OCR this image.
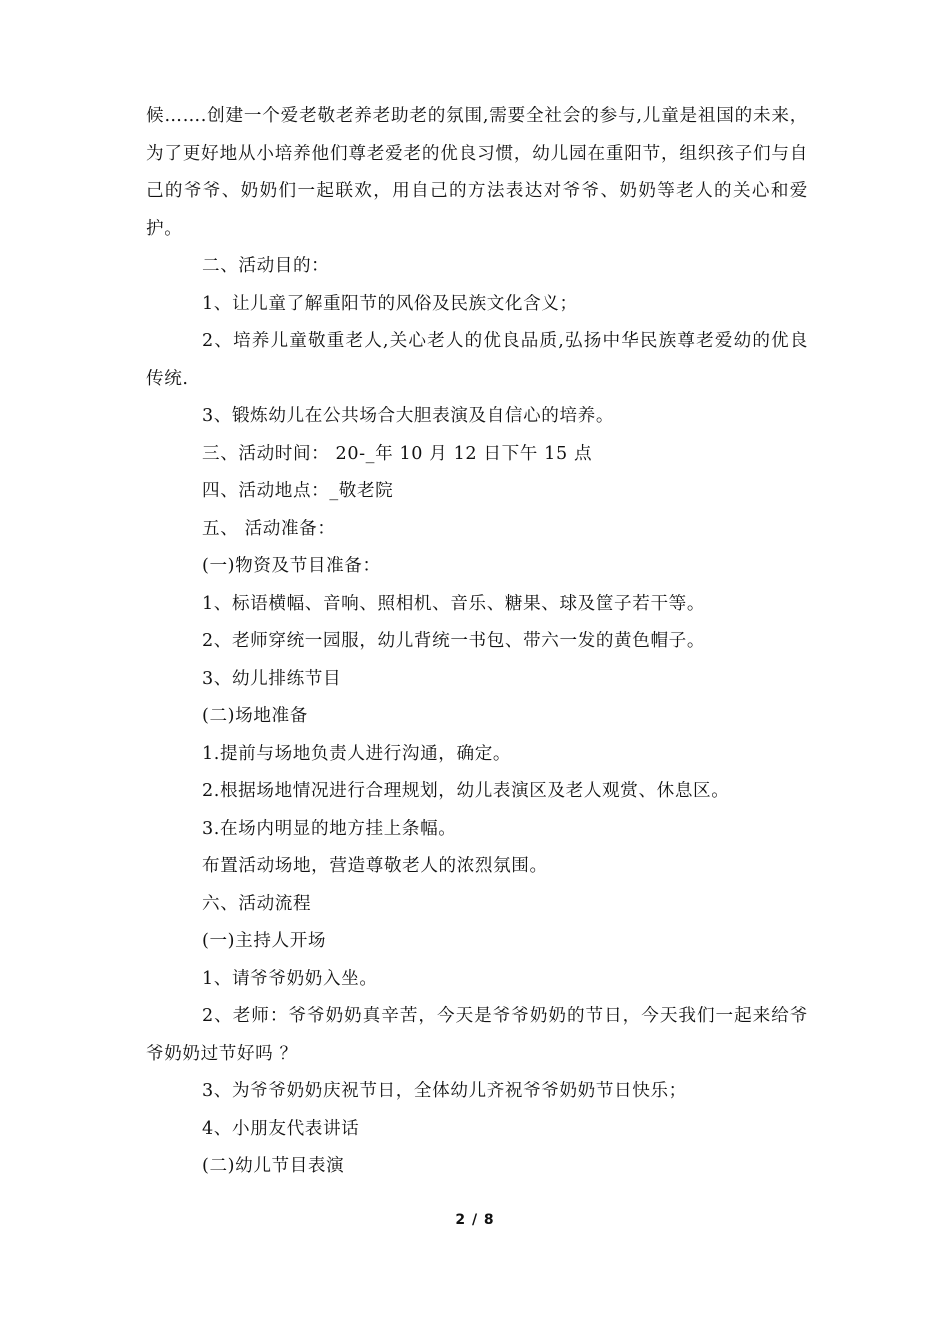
候…….创建一个爱老敬老养老助老的氛围,需要全社会的参与,儿童是祖国的未来，为了更好地从小培养他们尊老爱老的优良习惯，幼儿园在重阳节，组织孩子们与自己的爷爷、奶奶们一起联欢，用自己的方法表达对爷爷、奶奶等老人的关心和爱护。

二、活动目的：

1、让儿童了解重阳节的风俗及民族文化含义；

2、培养儿童敬重老人,关心老人的优良品质,弘扬中华民族尊老爱幼的优良传统.

3、锻炼幼儿在公共场合大胆表演及自信心的培养。

三、活动时间： 20-_年 10 月 12 日下午 15 点

四、活动地点：_敬老院

五、 活动准备：

(一)物资及节目准备：

1、标语横幅、音响、照相机、音乐、糖果、球及筐子若干等。

2、老师穿统一园服，幼儿背统一书包、带六一发的黄色帽子。

3、幼儿排练节目

(二)场地准备

1.提前与场地负责人进行沟通，确定。

2.根据场地情况进行合理规划，幼儿表演区及老人观赏、休息区。

3.在场内明显的地方挂上条幅。

布置活动场地，营造尊敬老人的浓烈氛围。

六、活动流程

(一)主持人开场

1、请爷爷奶奶入坐。

2、老师：爷爷奶奶真辛苦，今天是爷爷奶奶的节日，今天我们一起来给爷爷奶奶过节好吗 ？

3、为爷爷奶奶庆祝节日，全体幼儿齐祝爷爷奶奶节日快乐；

4、小朋友代表讲话

(二)幼儿节目表演

2 / 8
